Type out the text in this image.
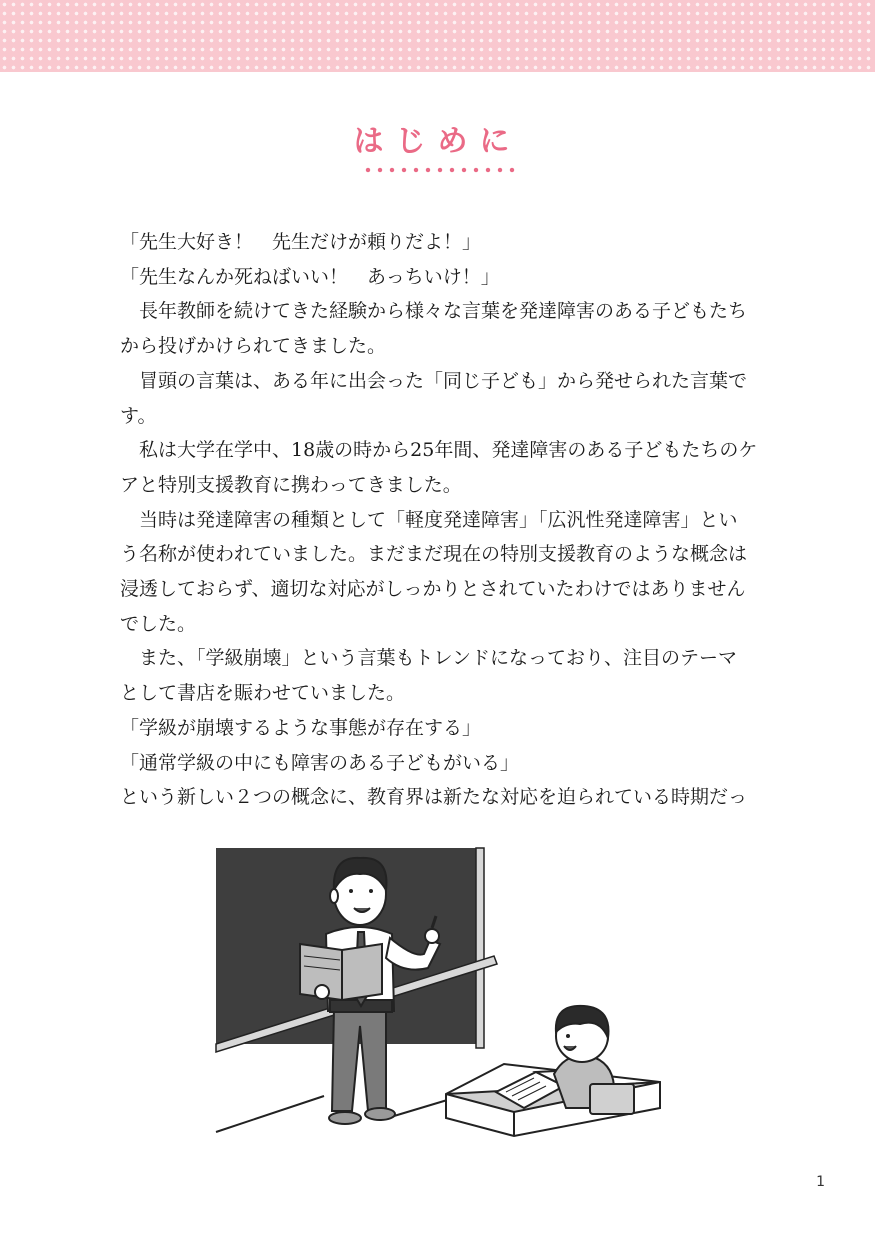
はじめに

「先生大好き！　先生だけが頼りだよ！」

「先生なんか死ねばいい！　あっちいけ！」

　長年教師を続けてきた経験から様々な言葉を発達障害のある子どもたち

から投げかけられてきました。

　冒頭の言葉は、ある年に出会った「同じ子ども」から発せられた言葉で

す。

　私は大学在学中、18歳の時から25年間、発達障害のある子どもたちのケ

アと特別支援教育に携わってきました。

　当時は発達障害の種類として「軽度発達障害」「広汎性発達障害」とい

う名称が使われていました。まだまだ現在の特別支援教育のような概念は

浸透しておらず、適切な対応がしっかりとされていたわけではありません

でした。

　また、「学級崩壊」という言葉もトレンドになっており、注目のテーマ

として書店を賑わせていました。

「学級が崩壊するような事態が存在する」

「通常学級の中にも障害のある子どもがいる」

という新しい２つの概念に、教育界は新たな対応を迫られている時期だっ

1
